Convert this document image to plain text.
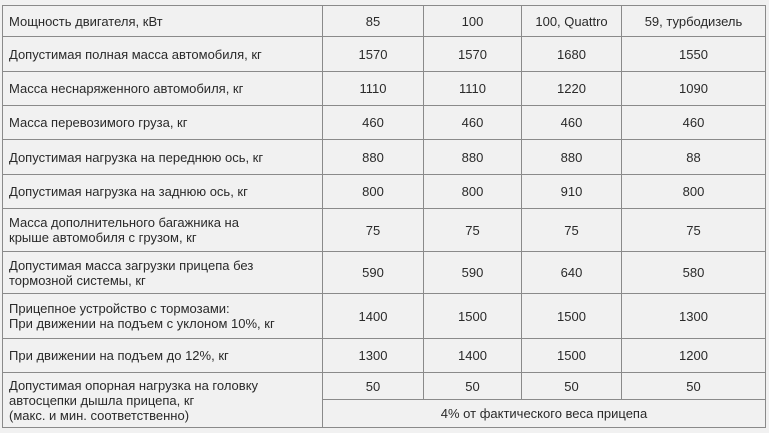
Мощность двигателя, кВт	85	100	100, Quattro	59, турбодизель
Допустимая полная масса автомобиля, кг	1570	1570	1680	1550
Масса неснаряженного автомобиля, кг	1110	1110	1220	1090
Масса перевозимого груза, кг	460	460	460	460
Допустимая нагрузка на переднюю ось, кг	880	880	880	88
Допустимая нагрузка на заднюю ось, кг	800	800	910	800
Масса дополнительного багажника на
крыше автомобиля с грузом, кг	75	75	75	75
Допустимая масса загрузки прицепа без
тормозной системы, кг	590	590	640	580
Прицепное устройство с тормозами:
При движении на подъем с уклоном 10%, кг	1400	1500	1500	1300
При движении на подъем до 12%, кг	1300	1400	1500	1200
Допустимая опорная нагрузка на головку
автосцепки дышла прицепа, кг
(макс. и мин. соответственно)	50	50	50	50
	4% от фактического веса прицепа			
